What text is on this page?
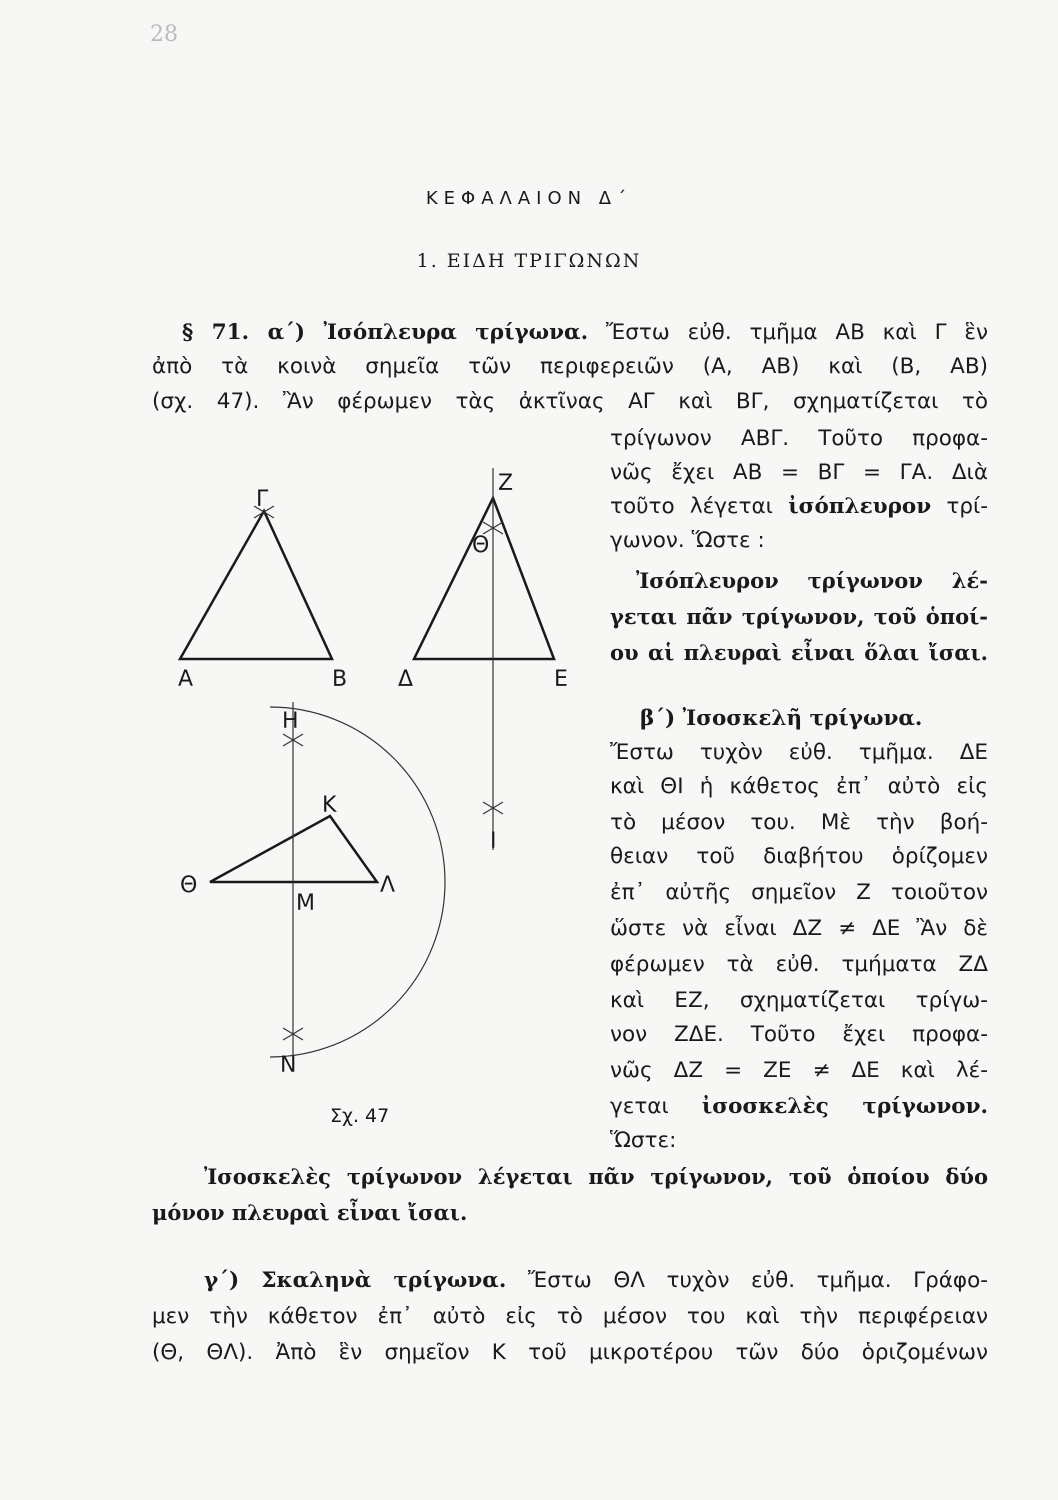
28
ΚΕΦΑΛΑΙΟΝ Δ΄
1. ΕΙΔΗ ΤΡΙΓΩΝΩΝ
§ 71. α΄) Ἰσόπλευρα τρίγωνα. Ἔστω εὐθ. τμῆμα ΑΒ καὶ Γ ἓν
ἀπὸ τὰ κοινὰ σημεῖα τῶν περιφερειῶν (Α, ΑΒ) καὶ (Β, ΑΒ)
(σχ. 47). Ἂν φέρωμεν τὰς ἀκτῖνας ΑΓ καὶ ΒΓ, σχηματίζεται τὸ
τρίγωνον ΑΒΓ. Τοῦτο προφα-
νῶς ἔχει ΑΒ = ΒΓ = ΓΑ. Διὰ
τοῦτο λέγεται ἰσόπλευρον τρί-
γωνον. Ὥστε :
Ἰσόπλευρον τρίγωνον λέ-
γεται πᾶν τρίγωνον, τοῦ ὁποί-
ου αἱ πλευραὶ εἶναι ὅλαι ἴσαι.
β΄) Ἰσοσκελῆ τρίγωνα.
Ἔστω τυχὸν εὐθ. τμῆμα. ΔΕ
καὶ ΘΙ ἡ κάθετος ἐπ᾽ αὐτὸ εἰς
τὸ μέσον του. Μὲ τὴν βοή-
θειαν τοῦ διαβήτου ὁρίζομεν
ἐπ᾽ αὐτῆς σημεῖον Ζ τοιοῦτον
ὥστε νὰ εἶναι ΔΖ ≠ ΔΕ Ἂν δὲ
φέρωμεν τὰ εὐθ. τμήματα ΖΔ
καὶ ΕΖ, σχηματίζεται τρίγω-
νον ΖΔΕ. Τοῦτο ἔχει προφα-
νῶς ΔΖ = ΖΕ ≠ ΔΕ καὶ λέ-
γεται ἰσοσκελὲς τρίγωνον.
Ὥστε:
Ἰσοσκελὲς τρίγωνον λέγεται πᾶν τρίγωνον, τοῦ ὁποίου δύο
μόνον πλευραὶ εἶναι ἴσαι.
γ΄) Σκαληνὰ τρίγωνα. Ἔστω ΘΛ τυχὸν εὐθ. τμῆμα. Γράφο-
μεν τὴν κάθετον ἐπ᾽ αὐτὸ εἰς τὸ μέσον του καὶ τὴν περιφέρειαν
(Θ, ΘΛ). Ἀπὸ ἓν σημεῖον Κ τοῦ μικροτέρου τῶν δύο ὁριζομένων
Α	Β
Γ
Δ	Ε
Ζ
Θ
Ι
Η
Κ
Λ
Μ
Ν
Θ
Σχ. 47
